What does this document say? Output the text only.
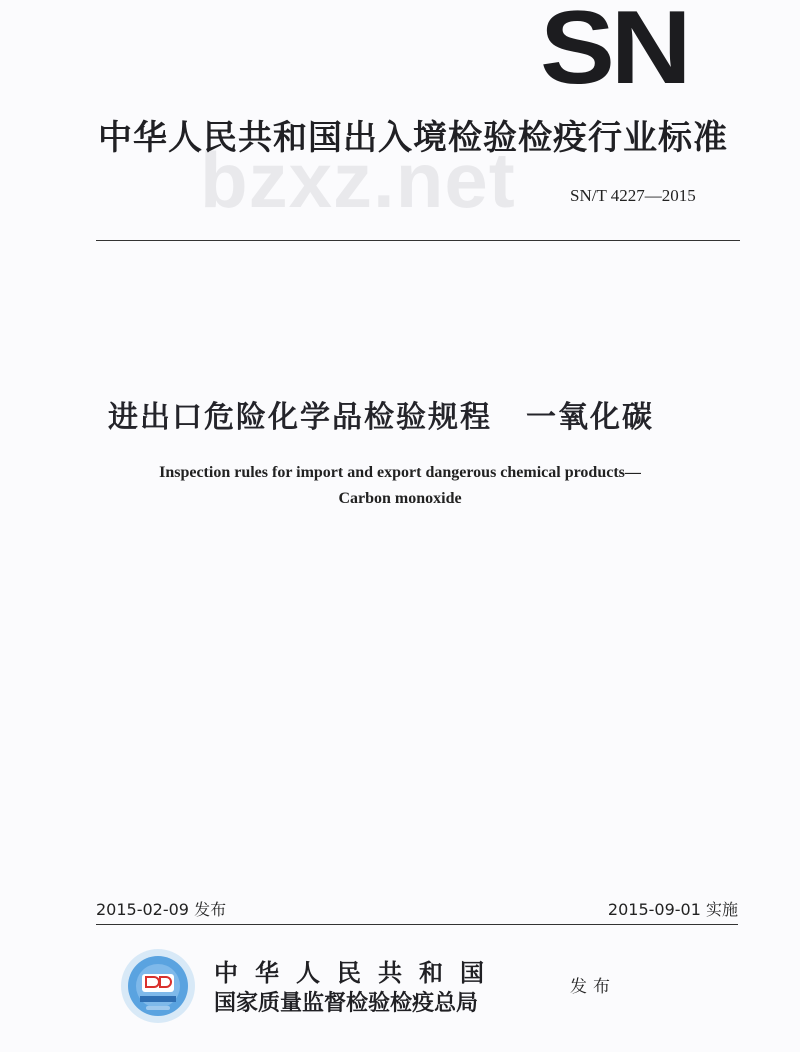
SN
bzxz.net
中华人民共和国出入境检验检疫行业标准
SN/T 4227—2015
进出口危险化学品检验规程 一氧化碳
Inspection rules for import and export dangerous chemical products—
Carbon monoxide
2015-02-09 发布	2015-09-01 实施
中华人民共和国
国家质量监督检验检疫总局
发布
